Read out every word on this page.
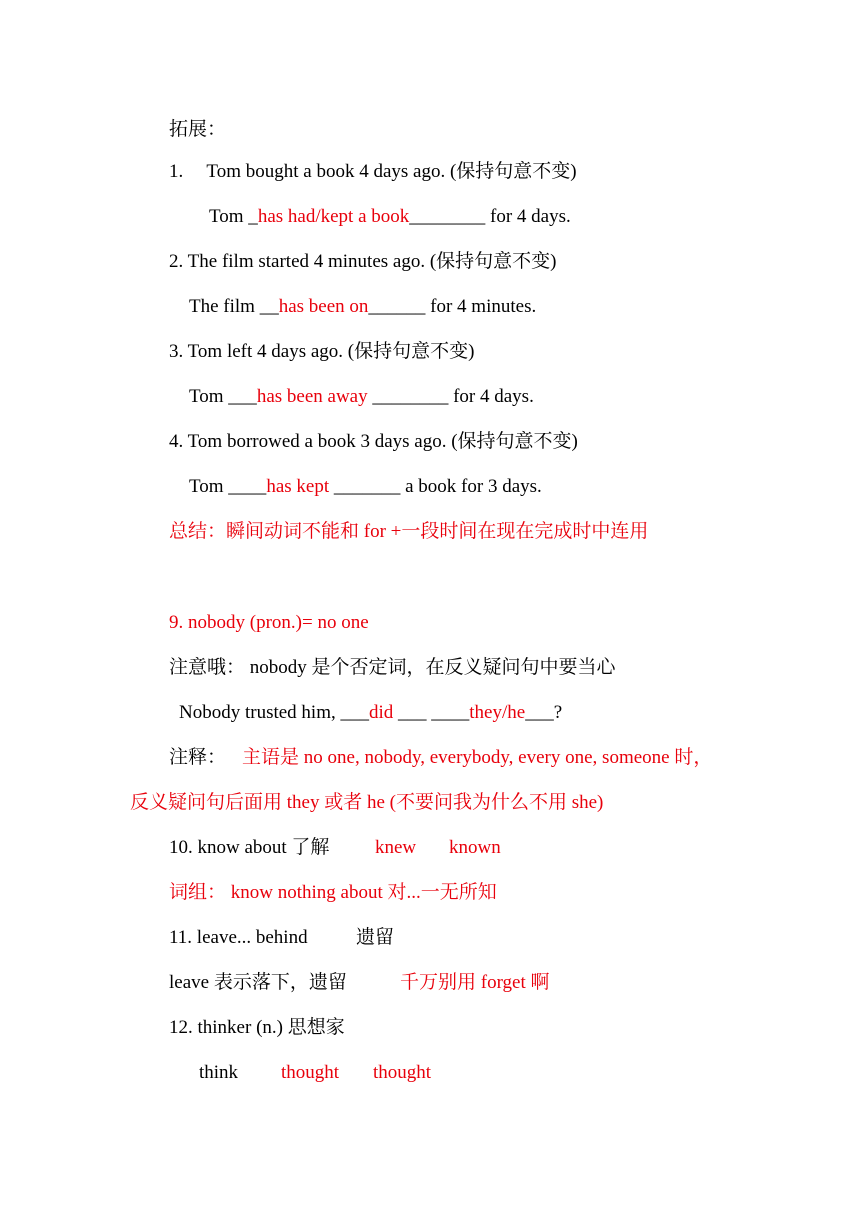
拓展：
1. Tom bought a book 4 days ago. (保持句意不变)
Tom _has had/kept a book________ for 4 days.
2. The film started 4 minutes ago. (保持句意不变)
The film __has been on______ for 4 minutes.
3. Tom left 4 days ago. (保持句意不变)
Tom ___has been away ________ for 4 days.
4. Tom borrowed a book 3 days ago. (保持句意不变)
Tom ____has kept _______ a book for 3 days.
总结：瞬间动词不能和 for +一段时间在现在完成时中连用
9. nobody (pron.)= no one
注意哦： nobody 是个否定词，在反义疑问句中要当心
Nobody trusted him, ___did ___ ____they/he___?
注释： 主语是 no one, nobody, everybody, every one, someone 时，
反义疑问句后面用 they 或者 he (不要问我为什么不用 she)
10. know about 了解 knew known
词组： know nothing about 对...一无所知
11. leave... behind	遗留
leave 表示落下，遗留	千万别用 forget 啊
12. thinker (n.) 思想家
think thought thought
